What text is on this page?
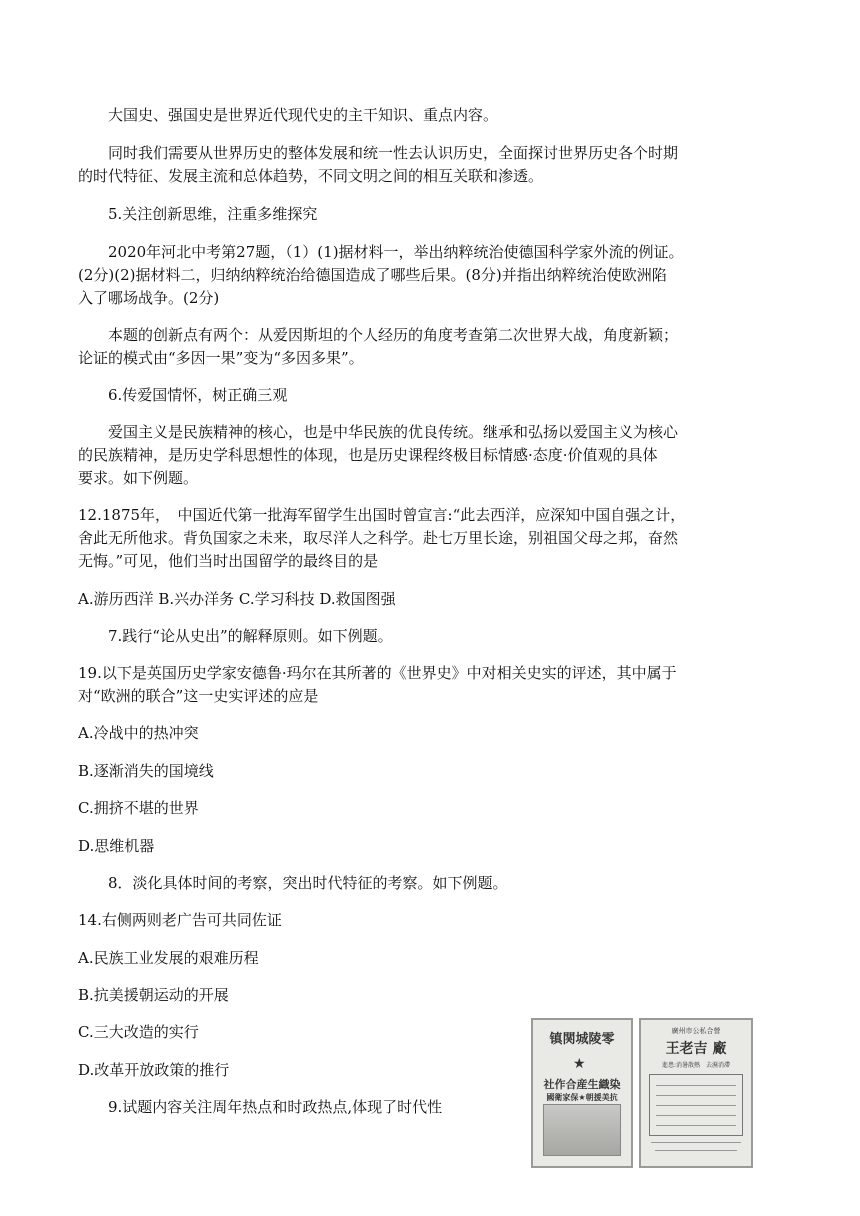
大国史、强国史是世界近代现代史的主干知识、重点内容。
同时我们需要从世界历史的整体发展和统一性去认识历史，全面探讨世界历史各个时期
的时代特征、发展主流和总体趋势，不同文明之间的相互关联和渗透。
5.关注创新思维，注重多维探究
2020年河北中考第27题，（1）(1)据材料一，举出纳粹统治使德国科学家外流的例证。
(2分)(2)据材料二，归纳纳粹统治给德国造成了哪些后果。(8分)并指出纳粹统治使欧洲陷
入了哪场战争。(2分)
本题的创新点有两个：从爱因斯坦的个人经历的角度考查第二次世界大战，角度新颖；
论证的模式由“多因一果”变为“多因多果”。
6.传爱国情怀，树正确三观
爱国主义是民族精神的核心，也是中华民族的优良传统。继承和弘扬以爱国主义为核心
的民族精神，是历史学科思想性的体现，也是历史课程终极目标情感·态度·价值观的具体
要求。如下例题。
12.1875年，　中国近代第一批海军留学生出国时曾宣言:“此去西洋，应深知中国自强之计，
舍此无所他求。背负国家之未来，取尽洋人之科学。赴七万里长途，别祖国父母之邦，奋然
无悔。”可见，他们当时出国留学的最终目的是
A.游历西洋 B.兴办洋务 C.学习科技 D.救国图强
7.践行“论从史出”的解释原则。如下例题。
19.以下是英国历史学家安德鲁·玛尔在其所著的《世界史》中对相关史实的评述，其中属于
对“欧洲的联合”这一史实评述的应是
A.冷战中的热冲突
B.逐渐消失的国境线
C.拥挤不堪的世界
D.思维机器
8．淡化具体时间的考察，突出时代特征的考察。如下例题。
14.右侧两则老广告可共同佐证
A.民族工业发展的艰难历程
B.抗美援朝运动的开展
C.三大改造的实行
D.改革开放政策的推行
9.试题内容关注周年热点和时政热点,体现了时代性
镇関城陵零
★
社作合産生織染
國衛家保★朝援美抗
廣州市公私合營
王老吉 廠
進患:消暑散熱　去濕消滯
